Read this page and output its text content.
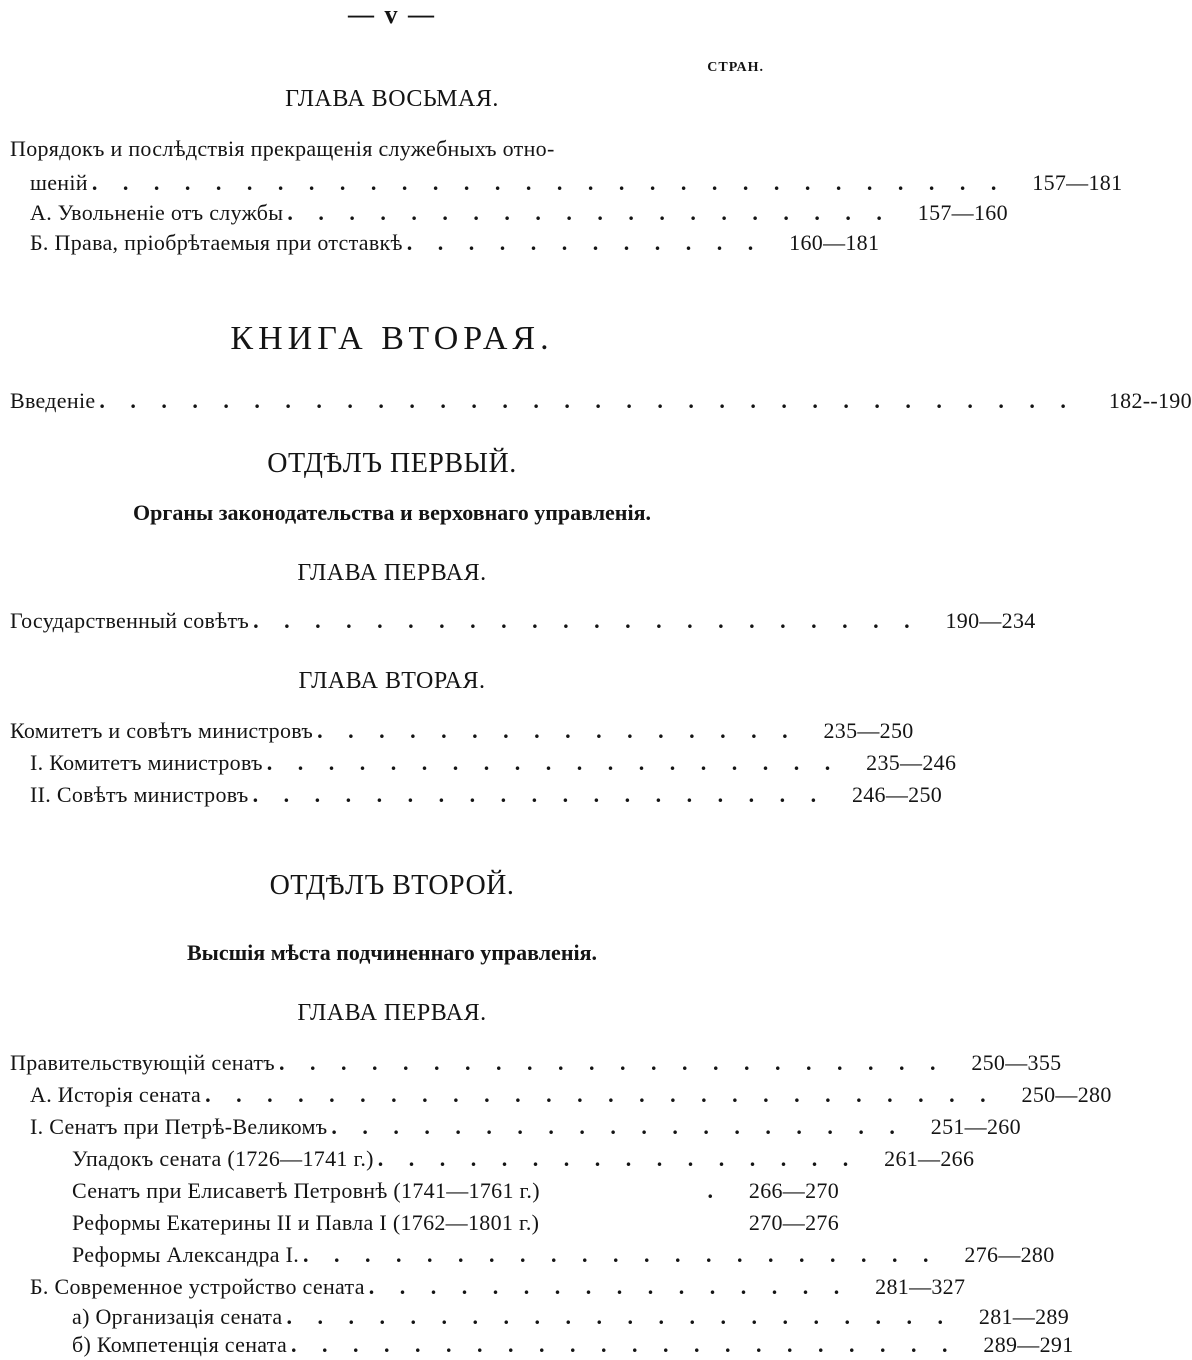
— v —
СТРАН.
ГЛАВА ВОСЬМАЯ.
Порядокъ и послѣдствія прекращенія служебныхъ отно-
шеній . . . . . . . . . . . . . . . . . . . . . . . . . . . . . .	157—181
А. Увольненіе отъ службы . . . . . . . . . . . . . . . . . . . .	157—160
Б. Права, пріобрѣтаемыя при отставкѣ . . . . . . . . . . . .	160—181
КНИГА ВТОРАЯ.
Введеніе . . . . . . . . . . . . . . . . . . . . . . . . . . . . . . . .	182--190
ОТДѢЛЪ ПЕРВЫЙ.
Органы законодательства и верховнаго управленія.
ГЛАВА ПЕРВАЯ.
Государственный совѣтъ . . . . . . . . . . . . . . . . . . . . . .	190—234
ГЛАВА ВТОРАЯ.
Комитетъ и совѣтъ министровъ . . . . . . . . . . . . . . . .	235—250
I. Комитетъ министровъ . . . . . . . . . . . . . . . . . . .	235—246
II. Совѣтъ министровъ . . . . . . . . . . . . . . . . . . .	246—250
ОТДѢЛЪ ВТОРОЙ.
Высшія мѣста подчиненнаго управленія.
ГЛАВА ПЕРВАЯ.
Правительствующій сенатъ . . . . . . . . . . . . . . . . . . . . . .	250—355
А. Исторія сената . . . . . . . . . . . . . . . . . . . . . . . . . .	250—280
I. Сенатъ при Петрѣ-Великомъ . . . . . . . . . . . . . . . . . . .	251—260
Упадокъ сената (1726—1741 г.) . . . . . . . . . . . . . . . .	261—266
Сенатъ при Елисаветѣ Петровнѣ (1741—1761 г.)	.	266—270
Реформы Екатерины II и Павла I (1762—1801 г.)	270—276
Реформы Александра I. . . . . . . . . . . . . . . . . . . . . .	276—280
Б. Современное устройство сената . . . . . . . . . . . . . . . .	281—327
а) Организація сената . . . . . . . . . . . . . . . . . . . . . .	281—289
б) Компетенція сената . . . . . . . . . . . . . . . . . . . . . .	289—291
